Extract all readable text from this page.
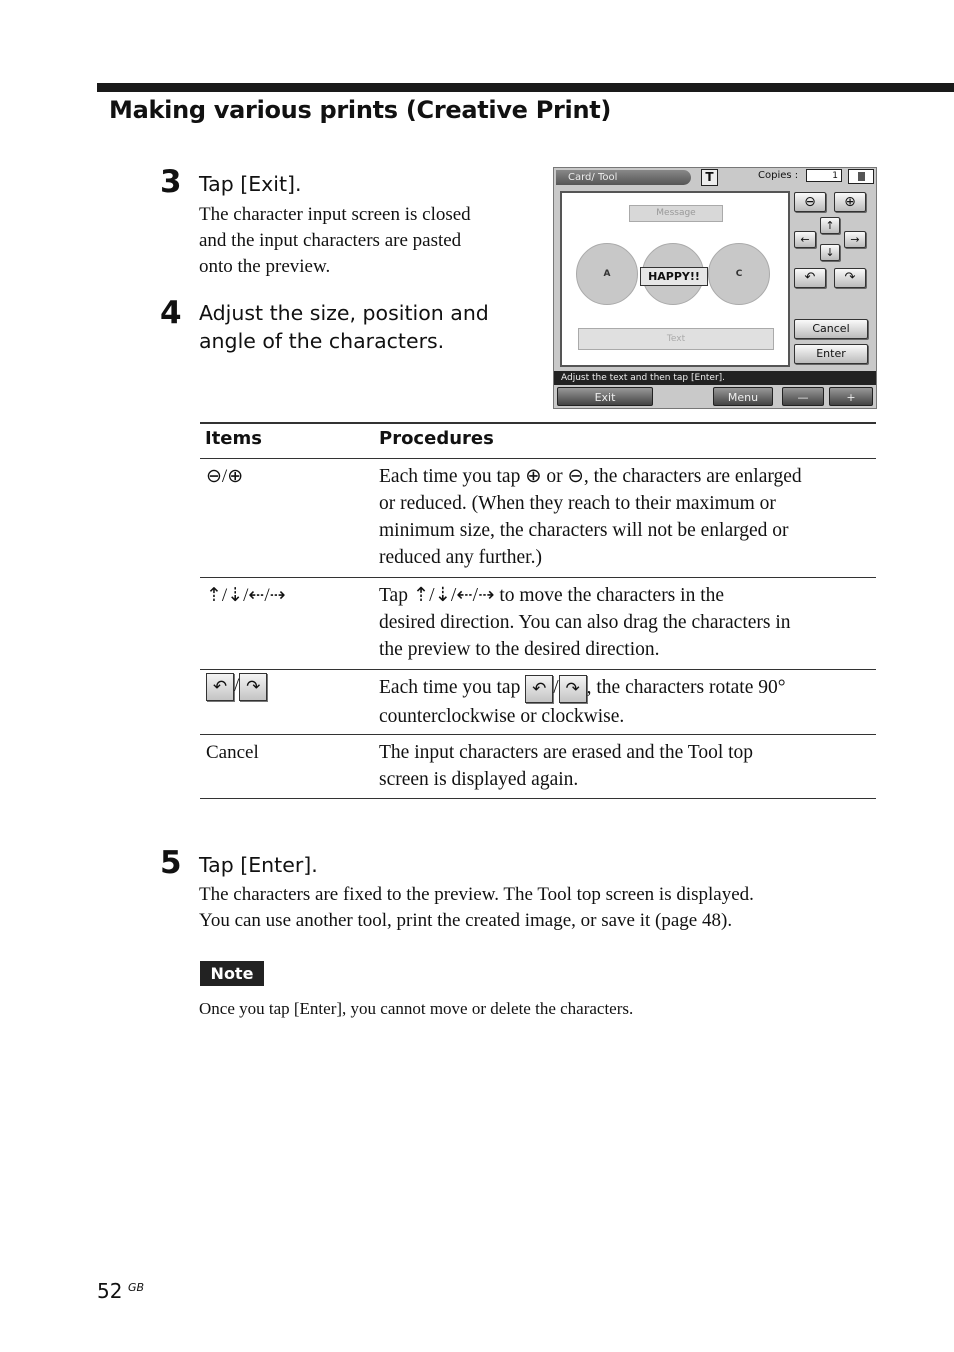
Making various prints (Creative Print)
3 Tap [Exit].
The character input screen is closed
and the input characters are pasted
onto the preview.
4 Adjust the size, position and
angle of the characters.
Card/ Tool	T	Copies :	1
Message
A	C
HAPPY!!
Text
⊖	⊕
↑
←	→
↓
↶	↷
Cancel
Enter
Adjust the text and then tap [Enter].
Exit	Menu	—	+
Items	Procedures
⊖/⊕	Each time you tap ⊕ or ⊖, the characters are enlarged
or reduced. (When they reach to their maximum or
minimum size, the characters will not be enlarged or
reduced any further.)
⇡/⇣/⇠/⇢	Tap ⇡/⇣/⇠/⇢ to move the characters in the
desired direction. You can also drag the characters in
the preview to the desired direction.
↶ / ↷	Each time you tap ↶ / ↷ , the characters rotate 90°
counterclockwise or clockwise.
Cancel	The input characters are erased and the Tool top
screen is displayed again.
5 Tap [Enter].
The characters are fixed to the preview. The Tool top screen is displayed.
You can use another tool, print the created image, or save it (page 48).
Note
Once you tap [Enter], you cannot move or delete the characters.
52 GB
